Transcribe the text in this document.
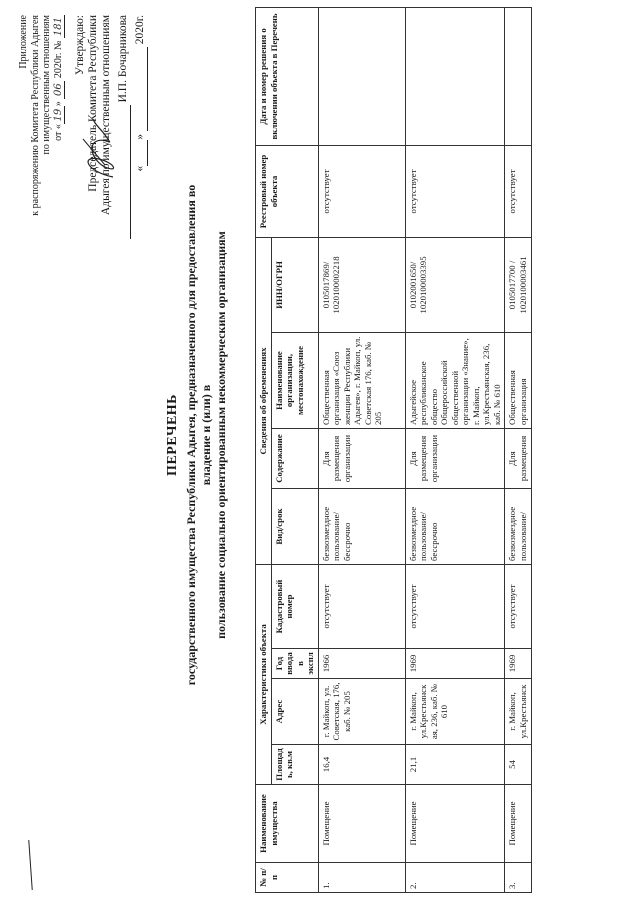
Приложение к распоряжению Комитета Республики Адыгея по имущественным отношениям от «19» 06 2020г. № 181 Утверждаю: Председатель Комитета Республики Адыгея по имущественным отношениям И.П. Бочарникова
« »   2020г.
ПЕРЕЧЕНЬ государственного имущества Республики Адыгея, предназначенного для предоставления во владение и (или) в пользование социально ориентированным некоммерческим организациям
№ п/ п	Наименование имущества	Характеристики объекта				Сведения об обременениях				Реестровый номер объекта	Дата и номер решения о включении объекта в Перечень
		Площад ь, кв.м	Адрес	Год ввода в экспл	Кадастровый номер	Вид/срок	Содержание	Наименование организации, местонахождение	ИНН/ОГРН		
1.	Помещение	16,4	г. Майкоп, ул. Советская, 176, каб. № 205	1966	отсутствует	безвозмездное пользование/ бессрочно	Для размещения организации	Общественная организация «Союз женщин Республики Адыгея», г. Майкоп, ул. Советская 176, каб. № 205	0105017869/ 1020100002218	отсутствует	
2.	Помещение	21,1	г. Майкоп, ул.Крестьянск ая, 236, каб. № 610	1969	отсутствует	безвозмездное пользование/ бессрочно	Для размещения организации	Адыгейское республиканское общество Общероссийской общественной организации «Знание», г. Майкоп, ул.Крестьянская, 236, каб. № 610	0102001650/ 1020100003395	отсутствует	
3.	Помещение	54	г. Майкоп, ул.Крестьянск	1969	отсутствует	безвозмездное пользование/	Для размещения	Общественная организация	0105017700 / 1020100003461	отсутствует	
